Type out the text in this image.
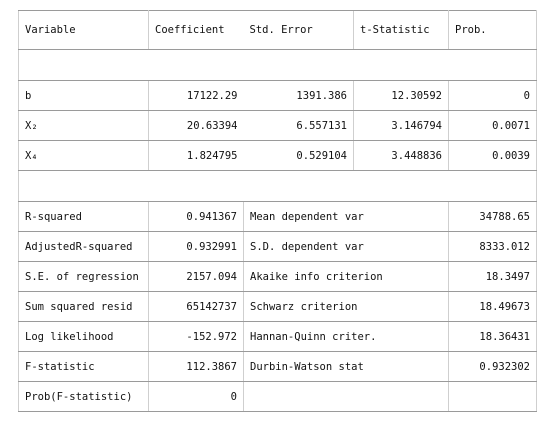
Variable	Coefficient	Std. Error	t-Statistic	Prob.

b	17122.29	1391.386	12.30592	0
X₂	20.63394	6.557131	3.146794	0.0071
X₄	1.824795	0.529104	3.448836	0.0039

R-squared	0.941367	Mean dependent var		34788.65
AdjustedR-squared	0.932991	S.D. dependent var		8333.012
S.E. of regression	2157.094	Akaike info criterion		18.3497
Sum squared resid	65142737	Schwarz criterion		18.49673
Log likelihood	-152.972	Hannan-Quinn criter.		18.36431
F-statistic	112.3867	Durbin-Watson stat		0.932302
Prob(F-statistic)	0			
